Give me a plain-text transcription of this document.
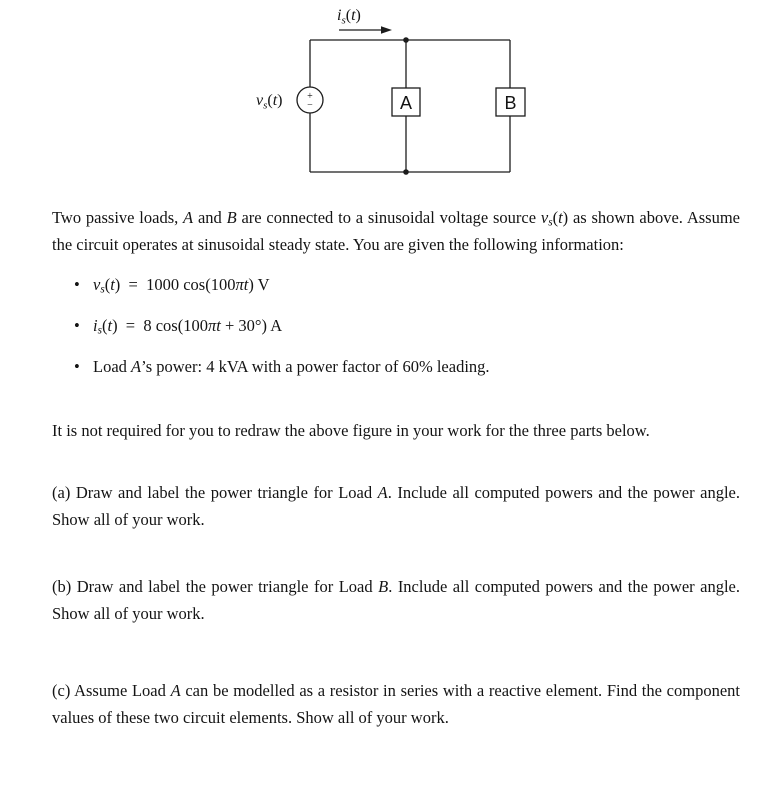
+
−	A	B
$i_s(t)$
$v_s(t)$

Two passive loads, A and B are connected to a sinusoidal voltage source $v_s(t)$ as shown above. Assume the circuit operates at sinusoidal steady state. You are given the following information:

• $v_s(t)$ = 1000 cos(100πt) V
• $i_s(t)$ = 8 cos(100πt + 30°) A
• Load A’s power: 4 kVA with a power factor of 60% leading.

It is not required for you to redraw the above figure in your work for the three parts below.

(a) Draw and label the power triangle for Load A. Include all computed powers and the power angle. Show all of your work.

(b) Draw and label the power triangle for Load B. Include all computed powers and the power angle. Show all of your work.

(c) Assume Load A can be modelled as a resistor in series with a reactive element. Find the component values of these two circuit elements. Show all of your work.
